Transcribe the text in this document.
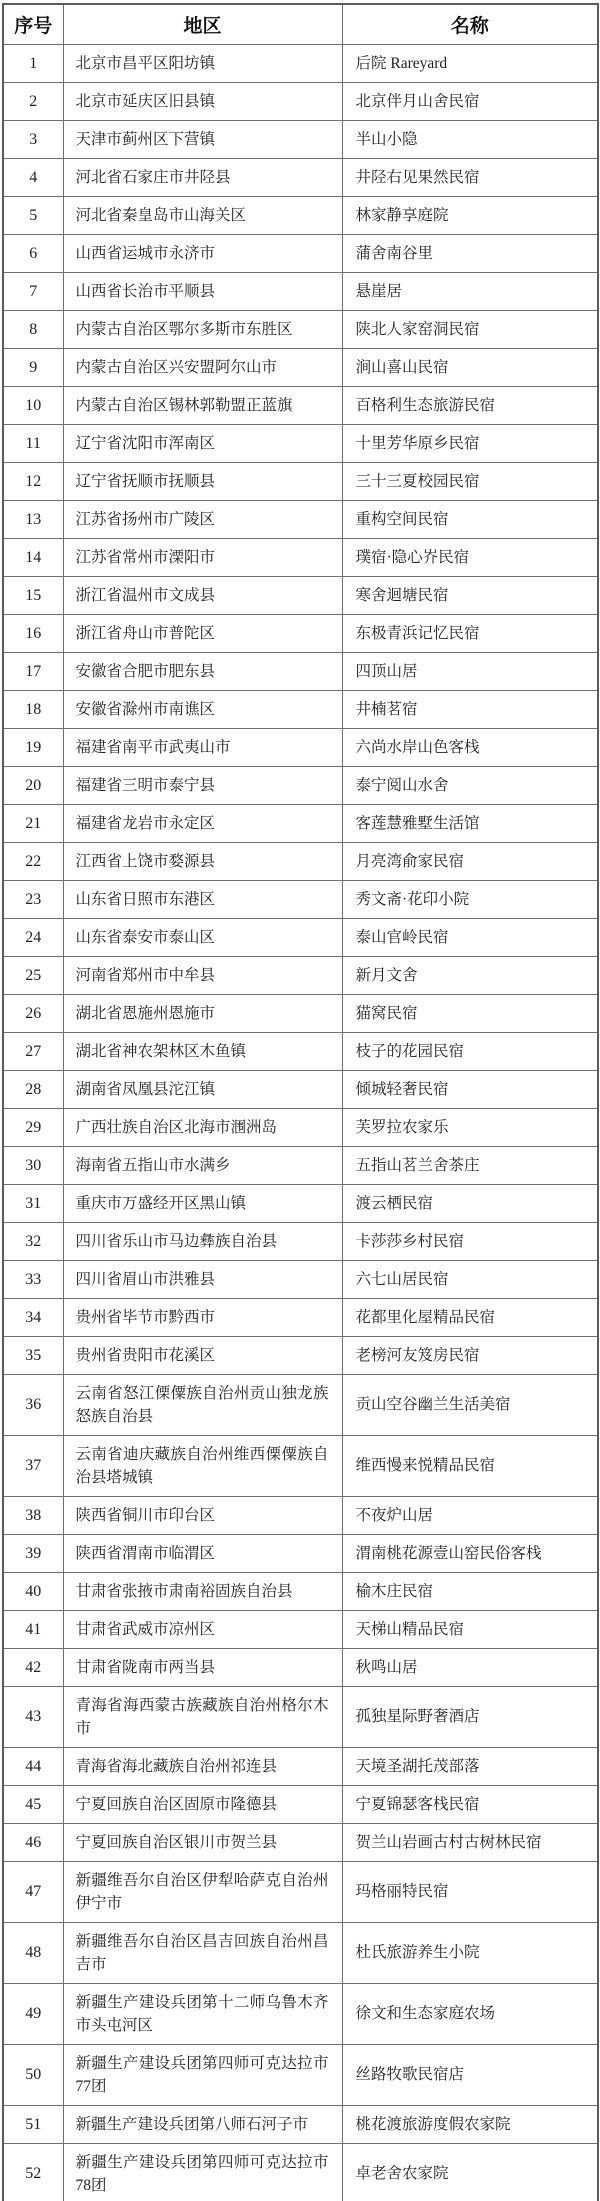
序号	地区	名称
1	北京市昌平区阳坊镇	后院 Rareyard
2	北京市延庆区旧县镇	北京伴月山舍民宿
3	天津市蓟州区下营镇	半山小隐
4	河北省石家庄市井陉县	井陉右见果然民宿
5	河北省秦皇岛市山海关区	林家静享庭院
6	山西省运城市永济市	蒲舍南谷里
7	山西省长治市平顺县	悬崖居
8	内蒙古自治区鄂尔多斯市东胜区	陕北人家窑洞民宿
9	内蒙古自治区兴安盟阿尔山市	涧山喜山民宿
10	内蒙古自治区锡林郭勒盟正蓝旗	百格利生态旅游民宿
11	辽宁省沈阳市浑南区	十里芳华原乡民宿
12	辽宁省抚顺市抚顺县	三十三夏校园民宿
13	江苏省扬州市广陵区	重构空间民宿
14	江苏省常州市溧阳市	璞宿·隐心岕民宿
15	浙江省温州市文成县	寒舍迴塘民宿
16	浙江省舟山市普陀区	东极青浜记忆民宿
17	安徽省合肥市肥东县	四顶山居
18	安徽省滁州市南谯区	井楠茗宿
19	福建省南平市武夷山市	六尚水岸山色客栈
20	福建省三明市泰宁县	泰宁阅山水舍
21	福建省龙岩市永定区	客莲慧雅墅生活馆
22	江西省上饶市婺源县	月亮湾俞家民宿
23	山东省日照市东港区	秀文斋·花印小院
24	山东省泰安市泰山区	泰山官岭民宿
25	河南省郑州市中牟县	新月文舍
26	湖北省恩施州恩施市	猫窝民宿
27	湖北省神农架林区木鱼镇	枝子的花园民宿
28	湖南省凤凰县沱江镇	倾城轻奢民宿
29	广西壮族自治区北海市涠洲岛	芙罗拉农家乐
30	海南省五指山市水满乡	五指山茗兰舍茶庄
31	重庆市万盛经开区黑山镇	渡云栖民宿
32	四川省乐山市马边彝族自治县	卡莎莎乡村民宿
33	四川省眉山市洪雅县	六七山居民宿
34	贵州省毕节市黔西市	花都里化屋精品民宿
35	贵州省贵阳市花溪区	老榜河友笈房民宿
36	云南省怒江傈僳族自治州贡山独龙族怒族自治县	贡山空谷幽兰生活美宿
37	云南省迪庆藏族自治州维西傈僳族自治县塔城镇	维西慢来悦精品民宿
38	陕西省铜川市印台区	不夜炉山居
39	陕西省渭南市临渭区	渭南桃花源壹山窑民俗客栈
40	甘肃省张掖市肃南裕固族自治县	榆木庄民宿
41	甘肃省武威市凉州区	天梯山精品民宿
42	甘肃省陇南市两当县	秋鸣山居
43	青海省海西蒙古族藏族自治州格尔木市	孤独星际野奢酒店
44	青海省海北藏族自治州祁连县	天境圣湖托茂部落
45	宁夏回族自治区固原市隆德县	宁夏锦瑟客栈民宿
46	宁夏回族自治区银川市贺兰县	贺兰山岩画古村古树林民宿
47	新疆维吾尔自治区伊犁哈萨克自治州伊宁市	玛格丽特民宿
48	新疆维吾尔自治区昌吉回族自治州昌吉市	杜氏旅游养生小院
49	新疆生产建设兵团第十二师乌鲁木齐市头屯河区	徐文和生态家庭农场
50	新疆生产建设兵团第四师可克达拉市77团	丝路牧歌民宿店
51	新疆生产建设兵团第八师石河子市	桃花渡旅游度假农家院
52	新疆生产建设兵团第四师可克达拉市78团	卓老舍农家院
